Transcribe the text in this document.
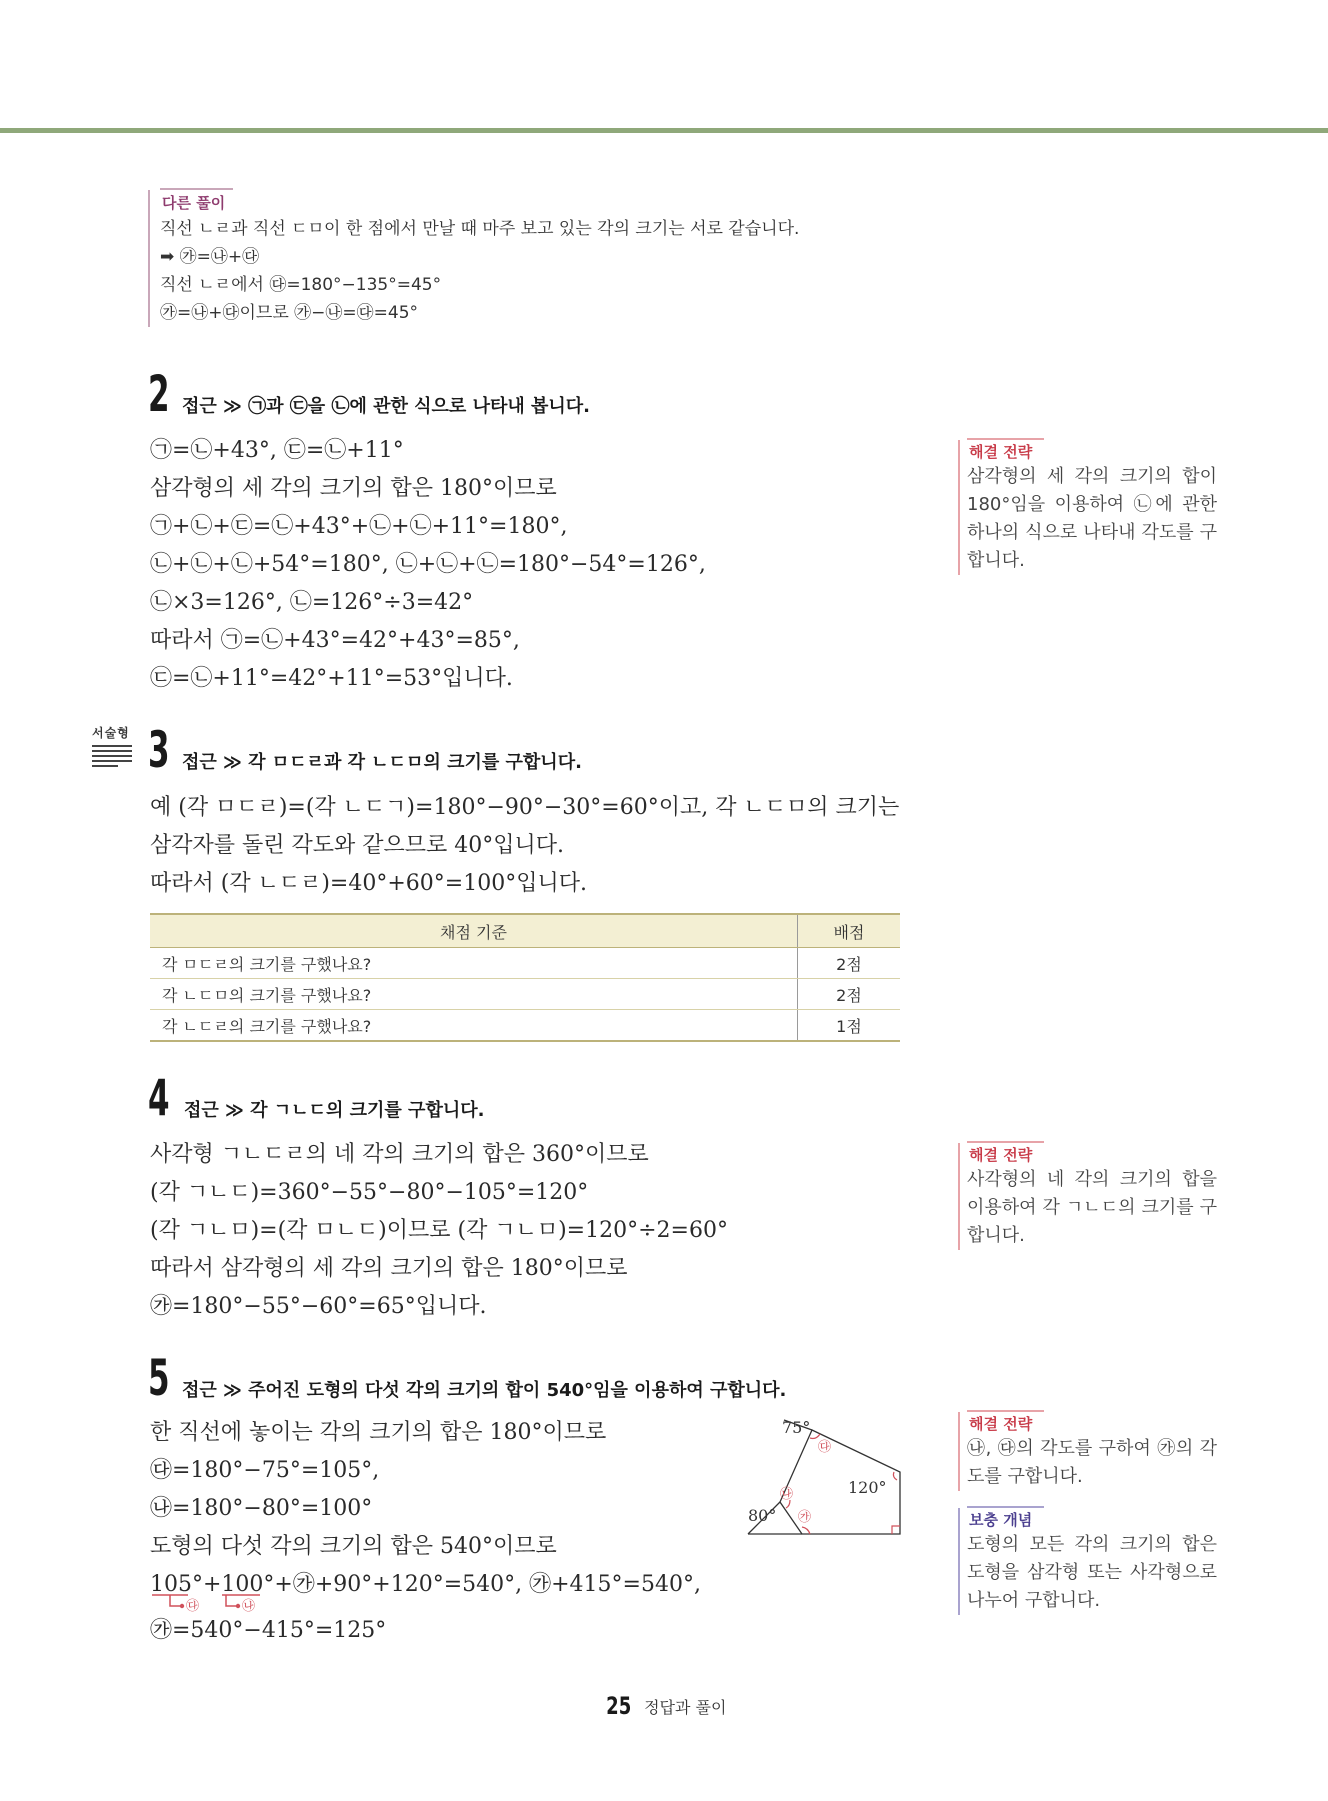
다른 풀이
직선 ㄴㄹ과 직선 ㄷㅁ이 한 점에서 만날 때 마주 보고 있는 각의 크기는 서로 같습니다.
➡ ㉮=㉯+㉰
직선 ㄴㄹ에서 ㉰=180°−135°=45°
㉮=㉯+㉰이므로 ㉮−㉯=㉰=45°
2 접근 ≫ ㉠과 ㉢을 ㉡에 관한 식으로 나타내 봅니다.
㉠=㉡+43°, ㉢=㉡+11°
삼각형의 세 각의 크기의 합은 180°이므로
㉠+㉡+㉢=㉡+43°+㉡+㉡+11°=180°,
㉡+㉡+㉡+54°=180°, ㉡+㉡+㉡=180°−54°=126°,
㉡×3=126°, ㉡=126°÷3=42°
따라서 ㉠=㉡+43°=42°+43°=85°,
㉢=㉡+11°=42°+11°=53°입니다.
해결 전략
삼각형의 세 각의 크기의 합이 180°임을 이용하여 ㉡에 관한 하나의 식으로 나타내 각도를 구합니다.
서술형 3 접근 ≫ 각 ㅁㄷㄹ과 각 ㄴㄷㅁ의 크기를 구합니다.
예 (각 ㅁㄷㄹ)=(각 ㄴㄷㄱ)=180°−90°−30°=60°이고, 각 ㄴㄷㅁ의 크기는
삼각자를 돌린 각도와 같으므로 40°입니다.
따라서 (각 ㄴㄷㄹ)=40°+60°=100°입니다.
채점 기준	배점
각 ㅁㄷㄹ의 크기를 구했나요?	2점
각 ㄴㄷㅁ의 크기를 구했나요?	2점
각 ㄴㄷㄹ의 크기를 구했나요?	1점
4 접근 ≫ 각 ㄱㄴㄷ의 크기를 구합니다.
사각형 ㄱㄴㄷㄹ의 네 각의 크기의 합은 360°이므로
(각 ㄱㄴㄷ)=360°−55°−80°−105°=120°
(각 ㄱㄴㅁ)=(각 ㅁㄴㄷ)이므로 (각 ㄱㄴㅁ)=120°÷2=60°
따라서 삼각형의 세 각의 크기의 합은 180°이므로
㉮=180°−55°−60°=65°입니다.
해결 전략
사각형의 네 각의 크기의 합을 이용하여 각 ㄱㄴㄷ의 크기를 구합니다.
5 접근 ≫ 주어진 도형의 다섯 각의 크기의 합이 540°임을 이용하여 구합니다.
한 직선에 놓이는 각의 크기의 합은 180°이므로
㉰=180°−75°=105°,
㉯=180°−80°=100°
도형의 다섯 각의 크기의 합은 540°이므로
105°+100°+㉮+90°+120°=540°, ㉮+415°=540°,
㉮=540°−415°=125°
㉰	㉯
75°
㉰
120°
㉯
㉮
80°
해결 전략
㉯, ㉰의 각도를 구하여 ㉮의 각도를 구합니다.
보충 개념
도형의 모든 각의 크기의 합은 도형을 삼각형 또는 사각형으로 나누어 구합니다.
25 정답과 풀이
